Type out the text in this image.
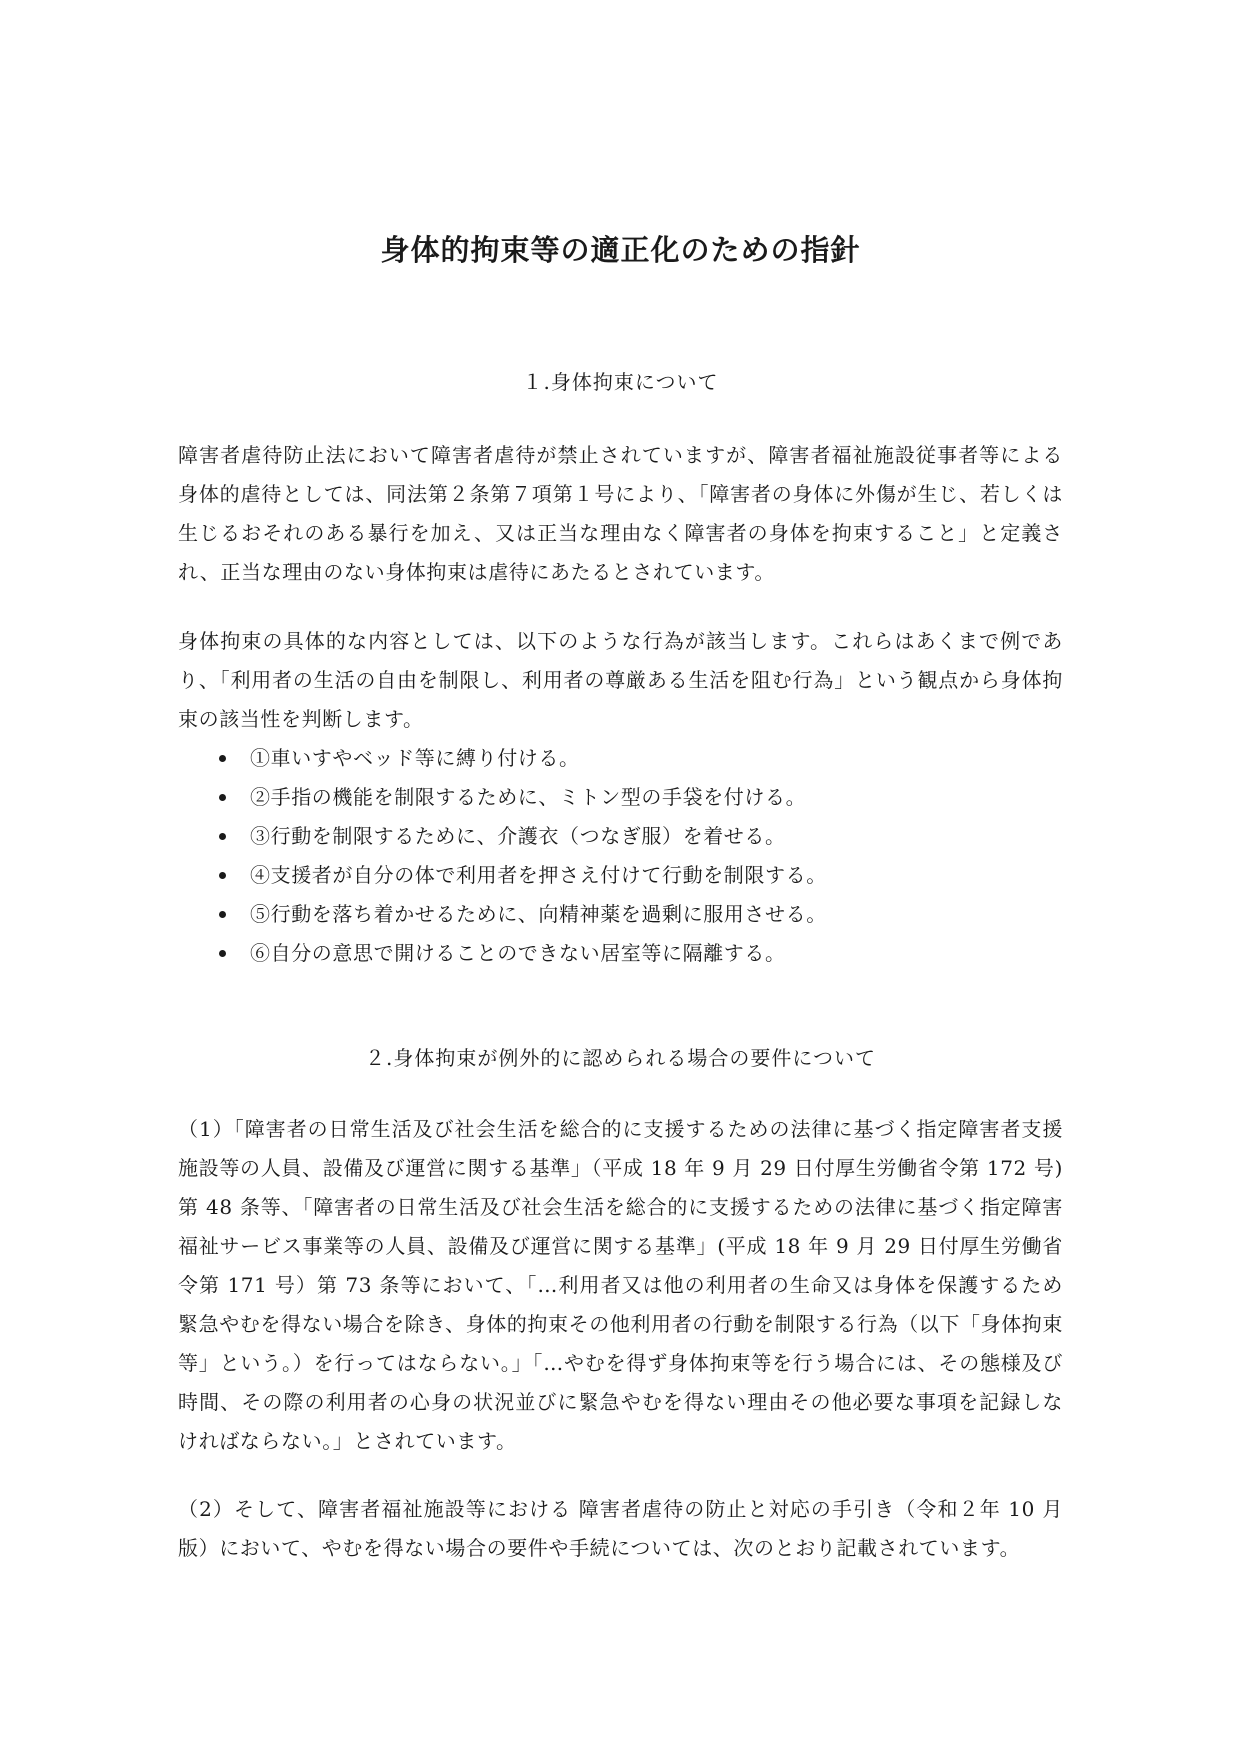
身体的拘束等の適正化のための指針
１.身体拘束について

障害者虐待防止法において障害者虐待が禁止されていますが、障害者福祉施設従事者等による身体的虐待としては、同法第２条第７項第１号により、「障害者の身体に外傷が生じ、若しくは生じるおそれのある暴行を加え、又は正当な理由なく障害者の身体を拘束すること」と定義され、正当な理由のない身体拘束は虐待にあたるとされています。

身体拘束の具体的な内容としては、以下のような行為が該当します。これらはあくまで例であり、「利用者の生活の自由を制限し、利用者の尊厳ある生活を阻む行為」という観点から身体拘束の該当性を判断します。

①車いすやベッド等に縛り付ける。
②手指の機能を制限するために、ミトン型の手袋を付ける。
③行動を制限するために、介護衣（つなぎ服）を着せる。
④支援者が自分の体で利用者を押さえ付けて行動を制限する。
⑤行動を落ち着かせるために、向精神薬を過剰に服用させる。
⑥自分の意思で開けることのできない居室等に隔離する。
２.身体拘束が例外的に認められる場合の要件について

（1）「障害者の日常生活及び社会生活を総合的に支援するための法律に基づく指定障害者支援施設等の人員、設備及び運営に関する基準」（平成 18 年 9 月 29 日付厚生労働省令第 172 号)第 48 条等、「障害者の日常生活及び社会生活を総合的に支援するための法律に基づく指定障害福祉サービス事業等の人員、設備及び運営に関する基準」(平成 18 年 9 月 29 日付厚生労働省令第 171 号）第 73 条等において、「…利用者又は他の利用者の生命又は身体を保護するため緊急やむを得ない場合を除き、身体的拘束その他利用者の行動を制限する行為（以下「身体拘束等」という。）を行ってはならない。」「…やむを得ず身体拘束等を行う場合には、その態様及び時間、その際の利用者の心身の状況並びに緊急やむを得ない理由その他必要な事項を記録しなければならない。」とされています。

（2）そして、障害者福祉施設等における 障害者虐待の防止と対応の手引き（令和２年 10 月版）において、やむを得ない場合の要件や手続については、次のとおり記載されています。
